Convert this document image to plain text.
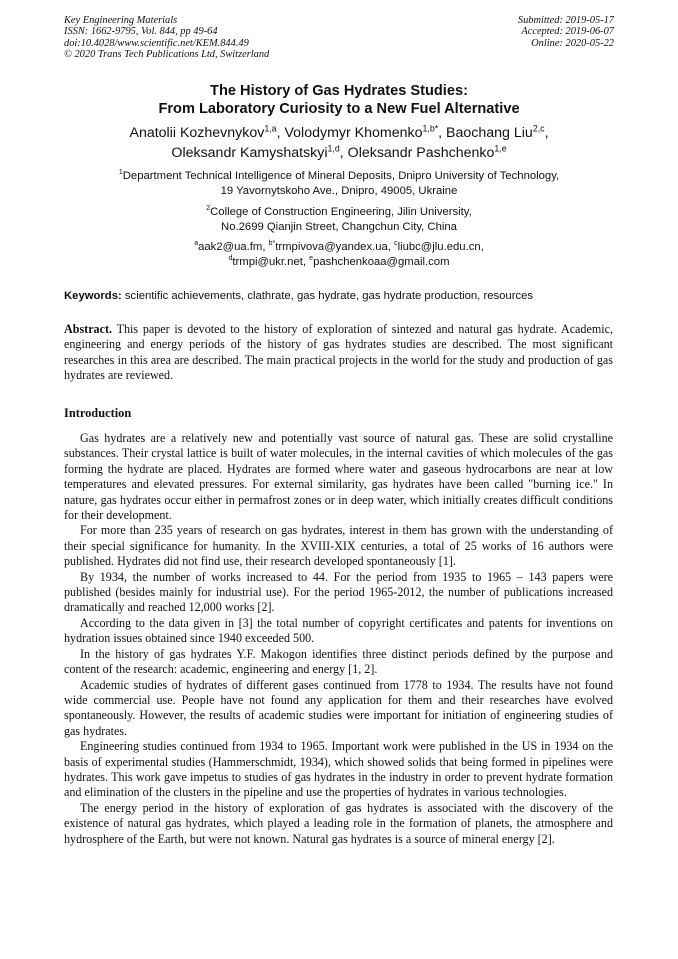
Key Engineering Materials
ISSN: 1662-9795, Vol. 844, pp 49-64
doi:10.4028/www.scientific.net/KEM.844.49
© 2020 Trans Tech Publications Ltd, Switzerland
Submitted: 2019-05-17
Accepted: 2019-06-07
Online: 2020-05-22
The History of Gas Hydrates Studies:
From Laboratory Curiosity to a New Fuel Alternative
Anatolii Kozhevnykov$^{1,a}$, Volodymyr Khomenko$^{1,b*}$, Baochang Liu$^{2,c}$,
Oleksandr Kamyshatskyi$^{1,d}$, Oleksandr Pashchenko$^{1,e}$
$^1$Department Technical Intelligence of Mineral Deposits, Dnipro University of Technology,
19 Yavornytskoho Ave., Dnipro, 49005, Ukraine
$^2$College of Construction Engineering, Jilin University,
No.2699 Qianjin Street, Changchun City, China
$^a$aak2@ua.fm, $^{b*}$trmpivova@yandex.ua, $^c$liubc@jlu.edu.cn,
$^d$trmpi@ukr.net, $^e$pashchenkoaa@gmail.com
Keywords: scientific achievements, clathrate, gas hydrate, gas hydrate production, resources

Abstract. This paper is devoted to the history of exploration of sintezed and natural gas hydrate. Academic, engineering and energy periods of the history of gas hydrates studies are described. The most significant researches in this area are described. The main practical projects in the world for the study and production of gas hydrates are reviewed.

Introduction

Gas hydrates are a relatively new and potentially vast source of natural gas. These are solid crystalline substances. Their crystal lattice is built of water molecules, in the internal cavities of which molecules of the gas forming the hydrate are placed. Hydrates are formed where water and gaseous hydrocarbons are near at low temperatures and elevated pressures. For external similarity, gas hydrates have been called "burning ice." In nature, gas hydrates occur either in permafrost zones or in deep water, which initially creates difficult conditions for their development.

For more than 235 years of research on gas hydrates, interest in them has grown with the understanding of their special significance for humanity. In the XVIII-XIX centuries, a total of 25 works of 16 authors were published. Hydrates did not find use, their research developed spontaneously [1].

By 1934, the number of works increased to 44. For the period from 1935 to 1965 – 143 papers were published (besides mainly for industrial use). For the period 1965-2012, the number of publications increased dramatically and reached 12,000 works [2].

According to the data given in [3] the total number of copyright certificates and patents for inventions on hydration issues obtained since 1940 exceeded 500.

In the history of gas hydrates Y.F. Makogon identifies three distinct periods defined by the purpose and content of the research: academic, engineering and energy [1, 2].

Academic studies of hydrates of different gases continued from 1778 to 1934. The results have not found wide commercial use. People have not found any application for them and their researches have evolved spontaneously. However, the results of academic studies were important for initiation of engineering studies of gas hydrates.

Engineering studies continued from 1934 to 1965. Important work were published in the US in 1934 on the basis of experimental studies (Hammerschmidt, 1934), which showed solids that being formed in pipelines were hydrates. This work gave impetus to studies of gas hydrates in the industry in order to prevent hydrate formation and elimination of the clusters in the pipeline and use the properties of hydrates in various technologies.

The energy period in the history of exploration of gas hydrates is associated with the discovery of the existence of natural gas hydrates, which played a leading role in the formation of planets, the atmosphere and hydrosphere of the Earth, but were not known. Natural gas hydrates is a source of mineral energy [2].
